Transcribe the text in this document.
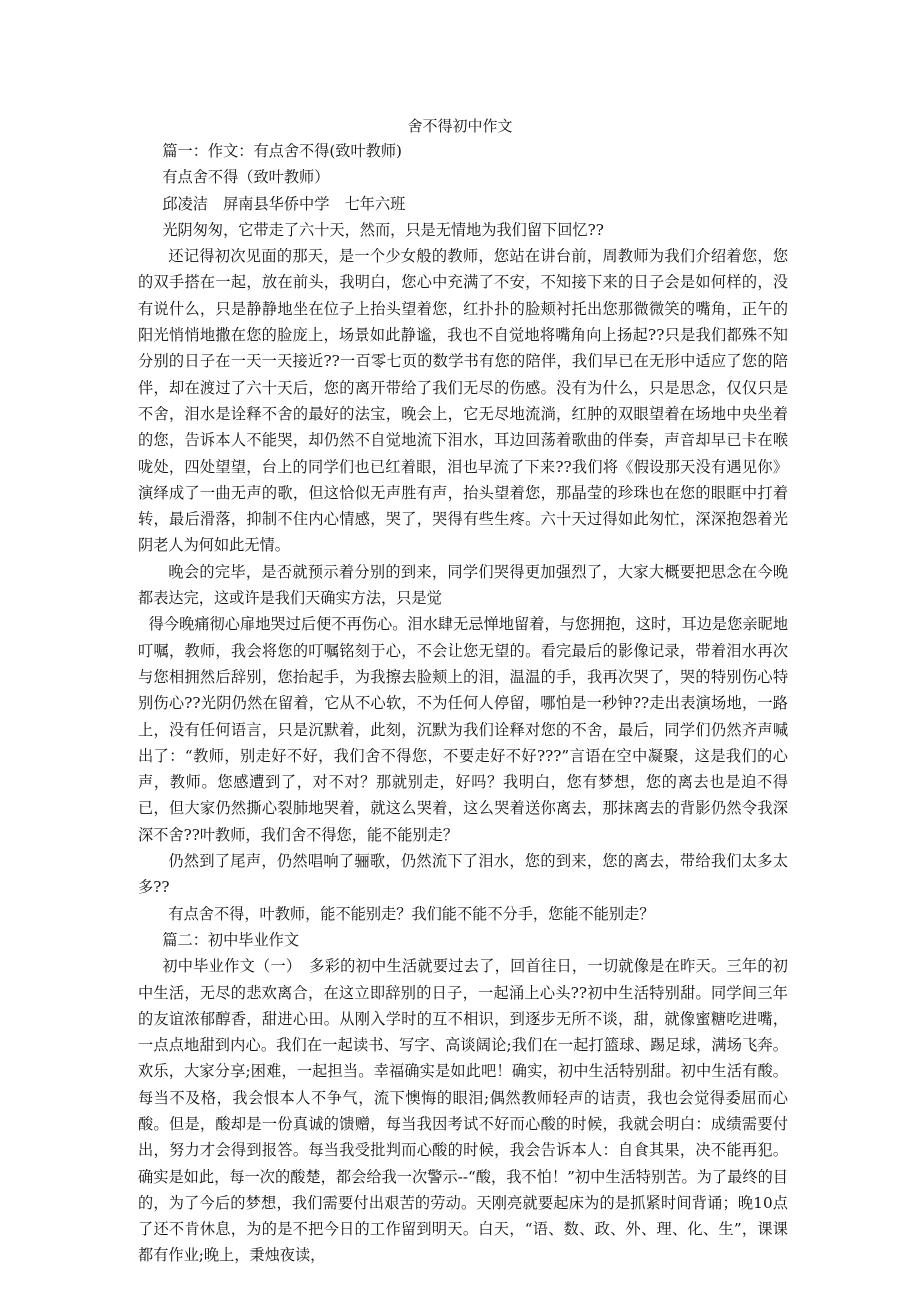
舍不得初中作文

篇一：作文：有点舍不得(致叶教师)

有点舍不得（致叶教师）

邱凌洁　屏南县华侨中学　七年六班

光阴匆匆，它带走了六十天，然而，只是无情地为我们留下回忆??

还记得初次见面的那天，是一个少女般的教师，您站在讲台前，周教师为我们介绍着您，您的双手搭在一起，放在前头，我明白，您心中充满了不安，不知接下来的日子会是如何样的，没有说什么，只是静静地坐在位子上抬头望着您，红扑扑的脸颊衬托出您那微微笑的嘴角，正午的阳光悄悄地撒在您的脸庞上，场景如此静谧，我也不自觉地将嘴角向上扬起??只是我们都殊不知分别的日子在一天一天接近??一百零七页的数学书有您的陪伴，我们早已在无形中适应了您的陪伴，却在渡过了六十天后，您的离开带给了我们无尽的伤感。没有为什么，只是思念，仅仅只是不舍，泪水是诠释不舍的最好的法宝，晚会上，它无尽地流淌，红肿的双眼望着在场地中央坐着的您，告诉本人不能哭，却仍然不自觉地流下泪水，耳边回荡着歌曲的伴奏，声音却早已卡在喉咙处，四处望望，台上的同学们也已红着眼，泪也早流了下来??我们将《假设那天没有遇见你》演绎成了一曲无声的歌，但这恰似无声胜有声，抬头望着您，那晶莹的珍珠也在您的眼眶中打着转，最后滑落，抑制不住内心情感，哭了，哭得有些生疼。六十天过得如此匆忙，深深抱怨着光阴老人为何如此无情。

晚会的完毕，是否就预示着分别的到来，同学们哭得更加强烈了，大家大概要把思念在今晚都表达完，这或许是我们天确实方法，只是觉

得今晚痛彻心扉地哭过后便不再伤心。泪水肆无忌惮地留着，与您拥抱，这时，耳边是您亲昵地叮嘱，教师，我会将您的叮嘱铭刻于心，不会让您无望的。看完最后的影像记录，带着泪水再次与您相拥然后辞别，您抬起手，为我擦去脸颊上的泪，温温的手，我再次哭了，哭的特别伤心特别伤心??光阴仍然在留着，它从不心软，不为任何人停留，哪怕是一秒钟??走出表演场地，一路上，没有任何语言，只是沉默着，此刻，沉默为我们诠释对您的不舍，最后，同学们仍然齐声喊出了：“教师，别走好不好，我们舍不得您，不要走好不好???”言语在空中凝聚，这是我们的心声，教师。您感遭到了，对不对？那就别走，好吗？我明白，您有梦想，您的离去也是迫不得已，但大家仍然撕心裂肺地哭着，就这么哭着，这么哭着送你离去，那抹离去的背影仍然令我深深不舍??叶教师，我们舍不得您，能不能别走？

仍然到了尾声，仍然唱响了骊歌，仍然流下了泪水，您的到来，您的离去，带给我们太多太多??

有点舍不得，叶教师，能不能别走？我们能不能不分手，您能不能别走？

篇二：初中毕业作文

初中毕业作文（一）　多彩的初中生活就要过去了，回首往日，一切就像是在昨天。三年的初中生活，无尽的悲欢离合，在这立即辞别的日子，一起涌上心头??初中生活特别甜。同学间三年的友谊浓郁醇香，甜进心田。从刚入学时的互不相识，到逐步无所不谈，甜，就像蜜糖吃进嘴，一点点地甜到内心。我们在一起读书、写字、高谈阔论;我们在一起打篮球、踢足球，满场飞奔。欢乐，大家分享;困难，一起担当。幸福确实是如此吧！确实，初中生活特别甜。初中生活有酸。每当不及格，我会恨本人不争气，流下懊悔的眼泪;偶然教师轻声的诘责，我也会觉得委屈而心酸。但是，酸却是一份真诚的馈赠，每当我因考试不好而心酸的时候，我就会明白：成绩需要付出，努力才会得到报答。每当我受批判而心酸的时候，我会告诉本人：自食其果，决不能再犯。确实是如此，每一次的酸楚，都会给我一次警示--“酸，我不怕！”初中生活特别苦。为了最终的目的，为了今后的梦想，我们需要付出艰苦的劳动。天刚亮就要起床为的是抓紧时间背诵；晚10点了还不肯休息，为的是不把今日的工作留到明天。白天，“语、数、政、外、理、化、生”，课课都有作业;晚上，秉烛夜读，
